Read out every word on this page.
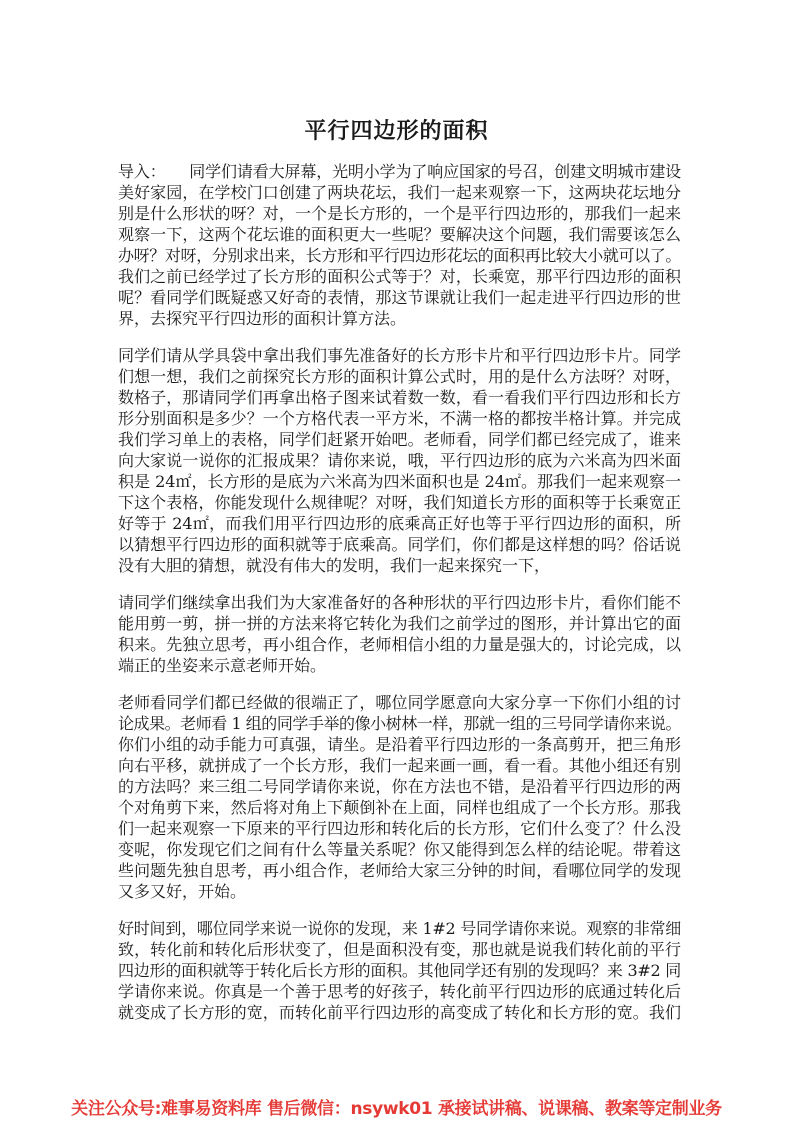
平行四边形的面积
导入：　　同学们请看大屏幕，光明小学为了响应国家的号召，创建文明城市建设
美好家园，在学校门口创建了两块花坛，我们一起来观察一下，这两块花坛地分
别是什么形状的呀？对，一个是长方形的，一个是平行四边形的，那我们一起来
观察一下，这两个花坛谁的面积更大一些呢？要解决这个问题，我们需要该怎么
办呀？对呀，分别求出来，长方形和平行四边形花坛的面积再比较大小就可以了。
我们之前已经学过了长方形的面积公式等于？对，长乘宽，那平行四边形的面积
呢？看同学们既疑惑又好奇的表情，那这节课就让我们一起走进平行四边形的世
界，去探究平行四边形的面积计算方法。
同学们请从学具袋中拿出我们事先准备好的长方形卡片和平行四边形卡片。同学
们想一想，我们之前探究长方形的面积计算公式时，用的是什么方法呀？对呀，
数格子，那请同学们再拿出格子图来试着数一数，看一看我们平行四边形和长方
形分别面积是多少？一个方格代表一平方米，不满一格的都按半格计算。并完成
我们学习单上的表格，同学们赶紧开始吧。老师看，同学们都已经完成了，谁来
向大家说一说你的汇报成果？请你来说，哦，平行四边形的底为六米高为四米面
积是 24㎡，长方形的是底为六米高为四米面积也是 24㎡。那我们一起来观察一
下这个表格，你能发现什么规律呢？对呀，我们知道长方形的面积等于长乘宽正
好等于 24㎡，而我们用平行四边形的底乘高正好也等于平行四边形的面积，所
以猜想平行四边形的面积就等于底乘高。同学们，你们都是这样想的吗？俗话说
没有大胆的猜想，就没有伟大的发明，我们一起来探究一下，
请同学们继续拿出我们为大家准备好的各种形状的平行四边形卡片，看你们能不
能用剪一剪，拼一拼的方法来将它转化为我们之前学过的图形，并计算出它的面
积来。先独立思考，再小组合作，老师相信小组的力量是强大的，讨论完成，以
端正的坐姿来示意老师开始。
老师看同学们都已经做的很端正了，哪位同学愿意向大家分享一下你们小组的讨
论成果。老师看 1 组的同学手举的像小树林一样，那就一组的三号同学请你来说。
你们小组的动手能力可真强，请坐。是沿着平行四边形的一条高剪开，把三角形
向右平移，就拼成了一个长方形，我们一起来画一画，看一看。其他小组还有别
的方法吗？来三组二号同学请你来说，你在方法也不错，是沿着平行四边形的两
个对角剪下来，然后将对角上下颠倒补在上面，同样也组成了一个长方形。那我
们一起来观察一下原来的平行四边形和转化后的长方形，它们什么变了？什么没
变呢，你发现它们之间有什么等量关系呢？你又能得到怎么样的结论呢。带着这
些问题先独自思考，再小组合作，老师给大家三分钟的时间，看哪位同学的发现
又多又好，开始。
好时间到，哪位同学来说一说你的发现，来 1#2 号同学请你来说。观察的非常细
致，转化前和转化后形状变了，但是面积没有变，那也就是说我们转化前的平行
四边形的面积就等于转化后长方形的面积。其他同学还有别的发现吗？来 3#2 同
学请你来说。你真是一个善于思考的好孩子，转化前平行四边形的底通过转化后
就变成了长方形的宽，而转化前平行四边形的高变成了转化和长方形的宽。我们
关注公众号:难事易资料库 售后微信：nsywk01 承接试讲稿、说课稿、教案等定制业务
